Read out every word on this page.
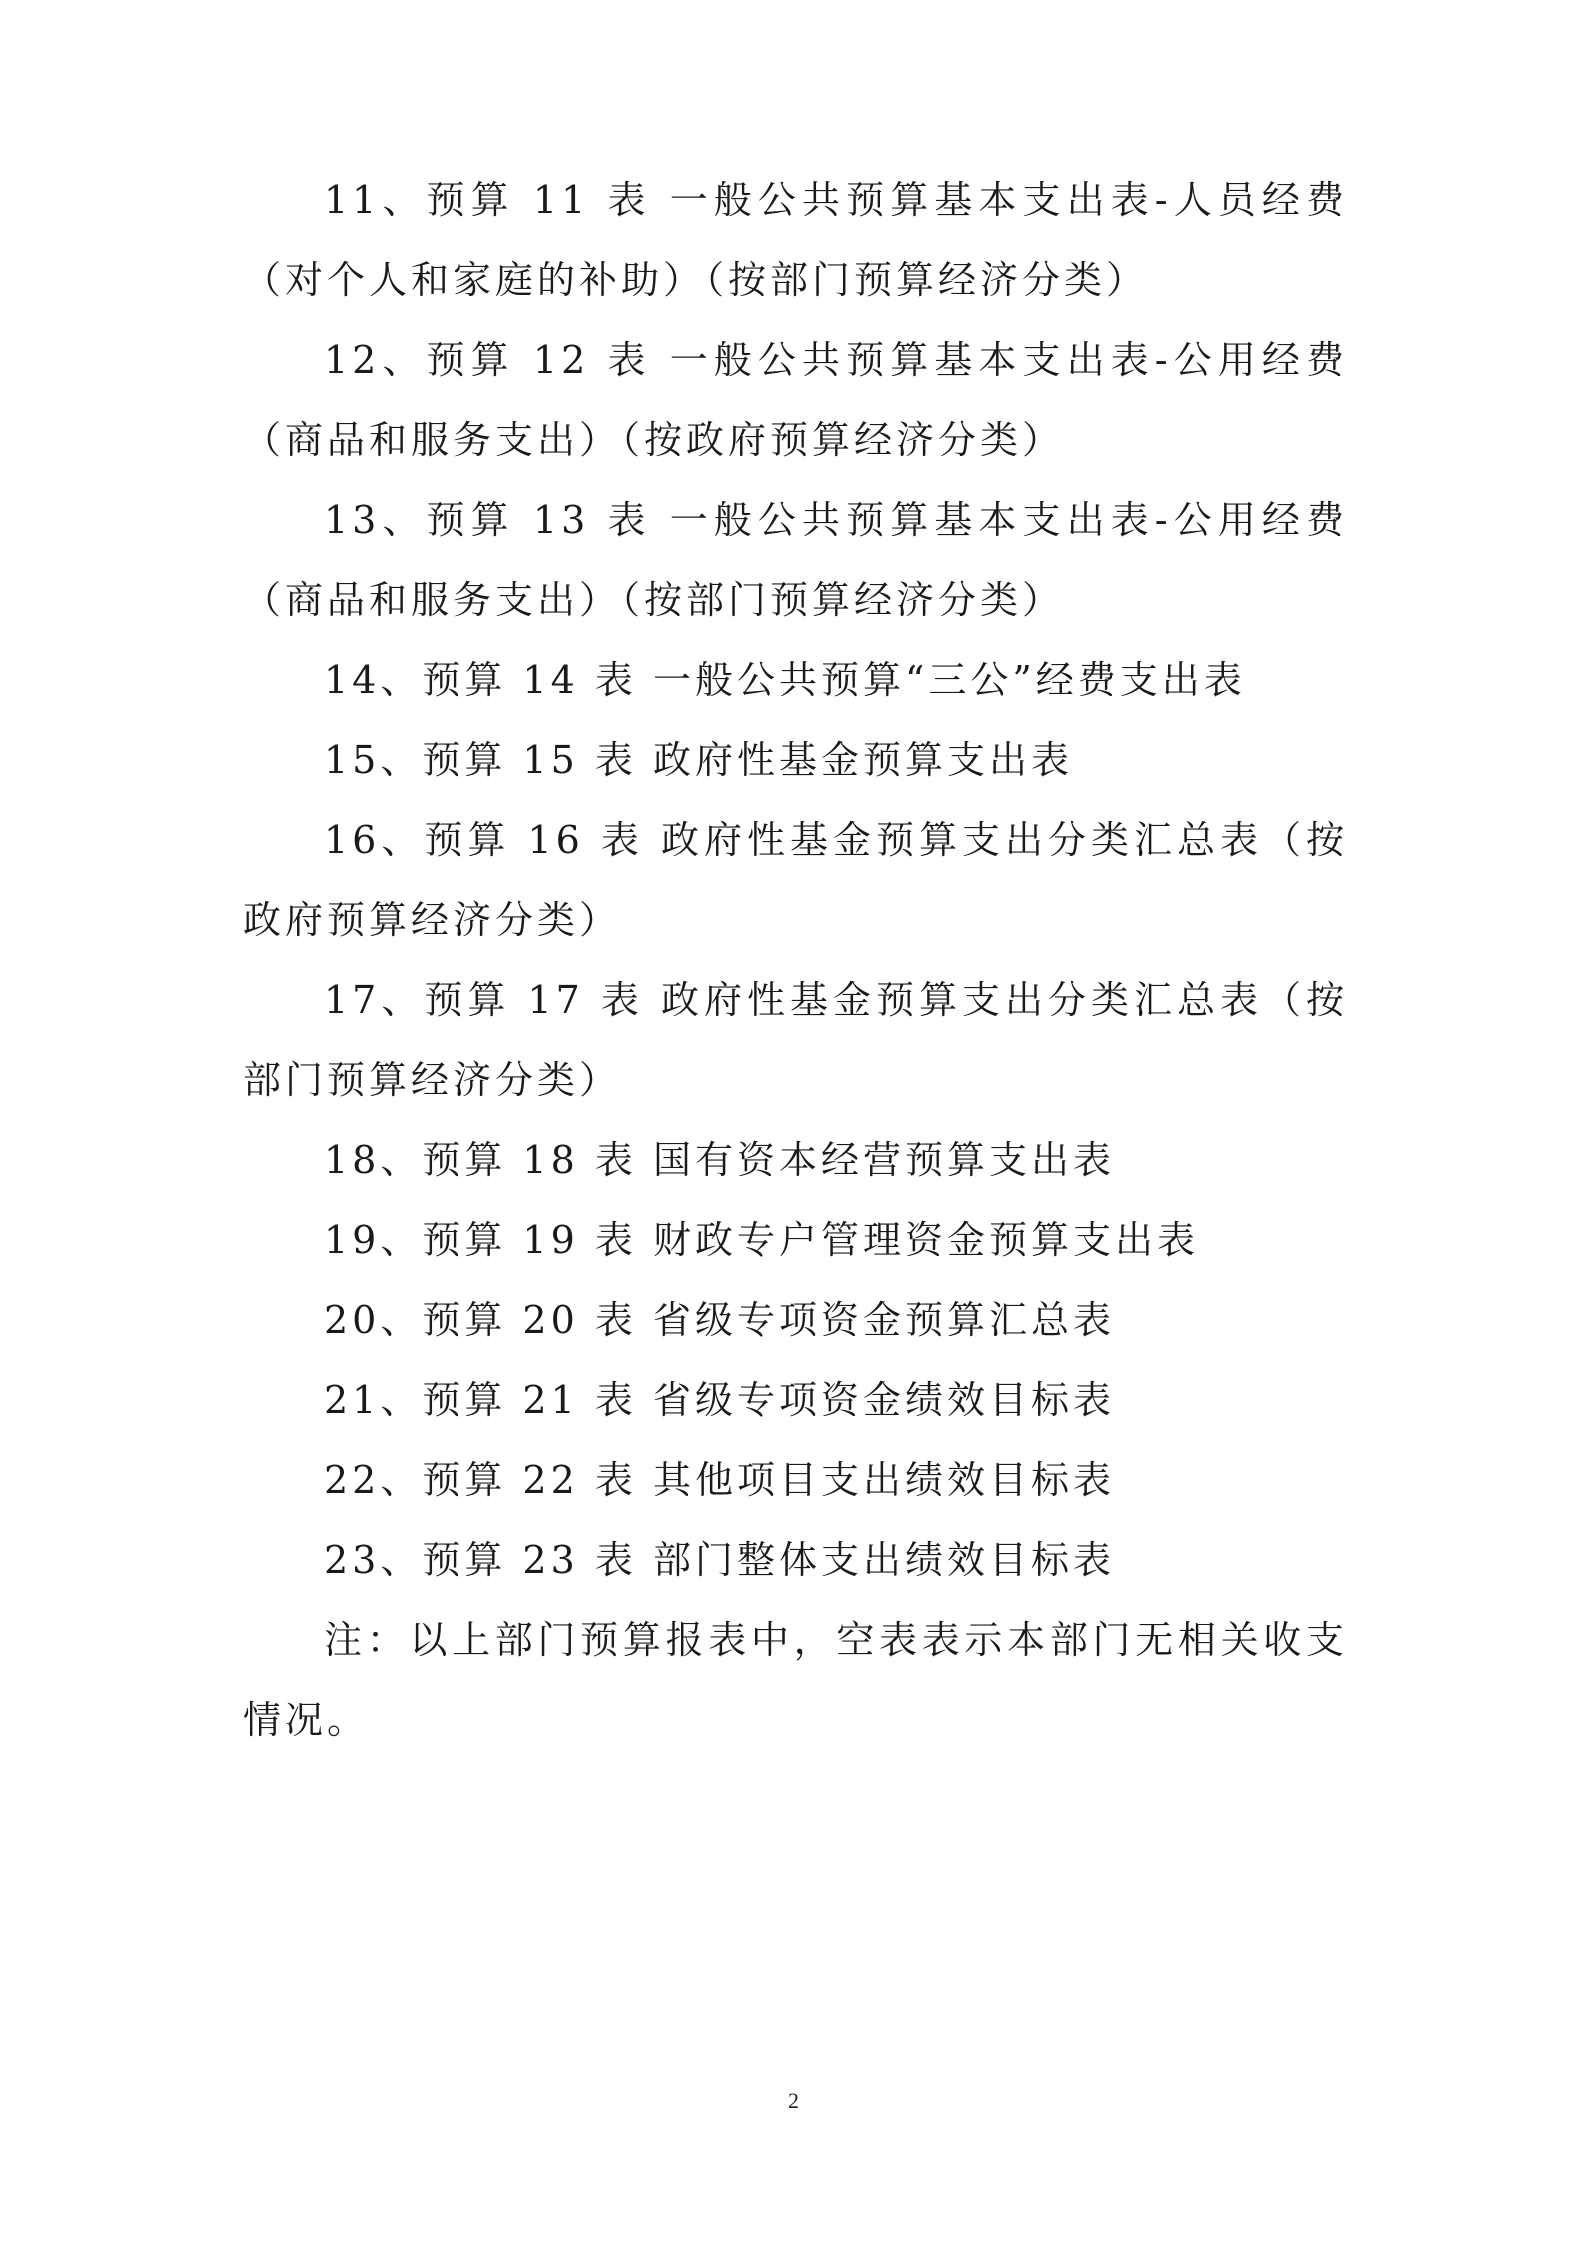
11、预算 11 表 一般公共预算基本支出表-人员经费（对个人和家庭的补助）（按部门预算经济分类）

12、预算 12 表 一般公共预算基本支出表-公用经费（商品和服务支出）（按政府预算经济分类）

13、预算 13 表 一般公共预算基本支出表-公用经费（商品和服务支出）（按部门预算经济分类）

14、预算 14 表 一般公共预算“三公”经费支出表

15、预算 15 表 政府性基金预算支出表

16、预算 16 表 政府性基金预算支出分类汇总表（按政府预算经济分类）

17、预算 17 表 政府性基金预算支出分类汇总表（按部门预算经济分类）

18、预算 18 表 国有资本经营预算支出表

19、预算 19 表 财政专户管理资金预算支出表

20、预算 20 表 省级专项资金预算汇总表

21、预算 21 表 省级专项资金绩效目标表

22、预算 22 表 其他项目支出绩效目标表

23、预算 23 表 部门整体支出绩效目标表

注：以上部门预算报表中，空表表示本部门无相关收支情况。

2
